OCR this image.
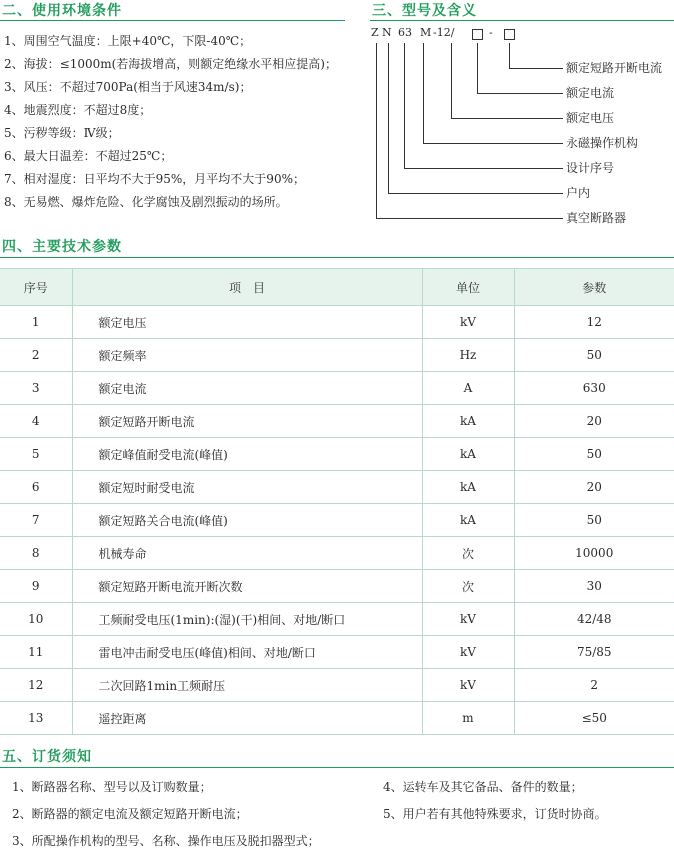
二、使用环境条件
1、周围空气温度：上限+40℃，下限-40℃；
2、海拔：≤1000m(若海拔增高，则额定绝缘水平相应提高)；
3、风压：不超过700Pa(相当于风速34m/s)；
4、地震烈度：不超过8度；
5、污秽等级：Ⅳ级；
6、最大日温差：不超过25℃；
7、相对湿度：日平均不大于95%，月平均不大于90%；
8、无易燃、爆炸危险、化学腐蚀及剧烈振动的场所。
三、型号及含义
Z N 63 M -12/	-
额定短路开断电流
额定电流
额定电压
永磁操作机构
设计序号
户内
真空断路器
四、主要技术参数
序号	项　目	单位	参数
1	额定电压	kV	12
2	额定频率	Hz	50
3	额定电流	A	630
4	额定短路开断电流	kA	20
5	额定峰值耐受电流(峰值)	kA	50
6	额定短时耐受电流	kA	20
7	额定短路关合电流(峰值)	kA	50
8	机械寿命	次	10000
9	额定短路开断电流开断次数	次	30
10	工频耐受电压(1min):(湿)(干)相间、对地/断口	kV	42/48
11	雷电冲击耐受电压(峰值)相间、对地/断口	kV	75/85
12	二次回路1min工频耐压	kV	2
13	遥控距离	m	≤50
五、订货须知
1、断路器名称、型号以及订购数量；
2、断路器的额定电流及额定短路开断电流；
3、所配操作机构的型号、名称、操作电压及脱扣器型式；
4、运转车及其它备品、备件的数量；
5、用户若有其他特殊要求，订货时协商。
